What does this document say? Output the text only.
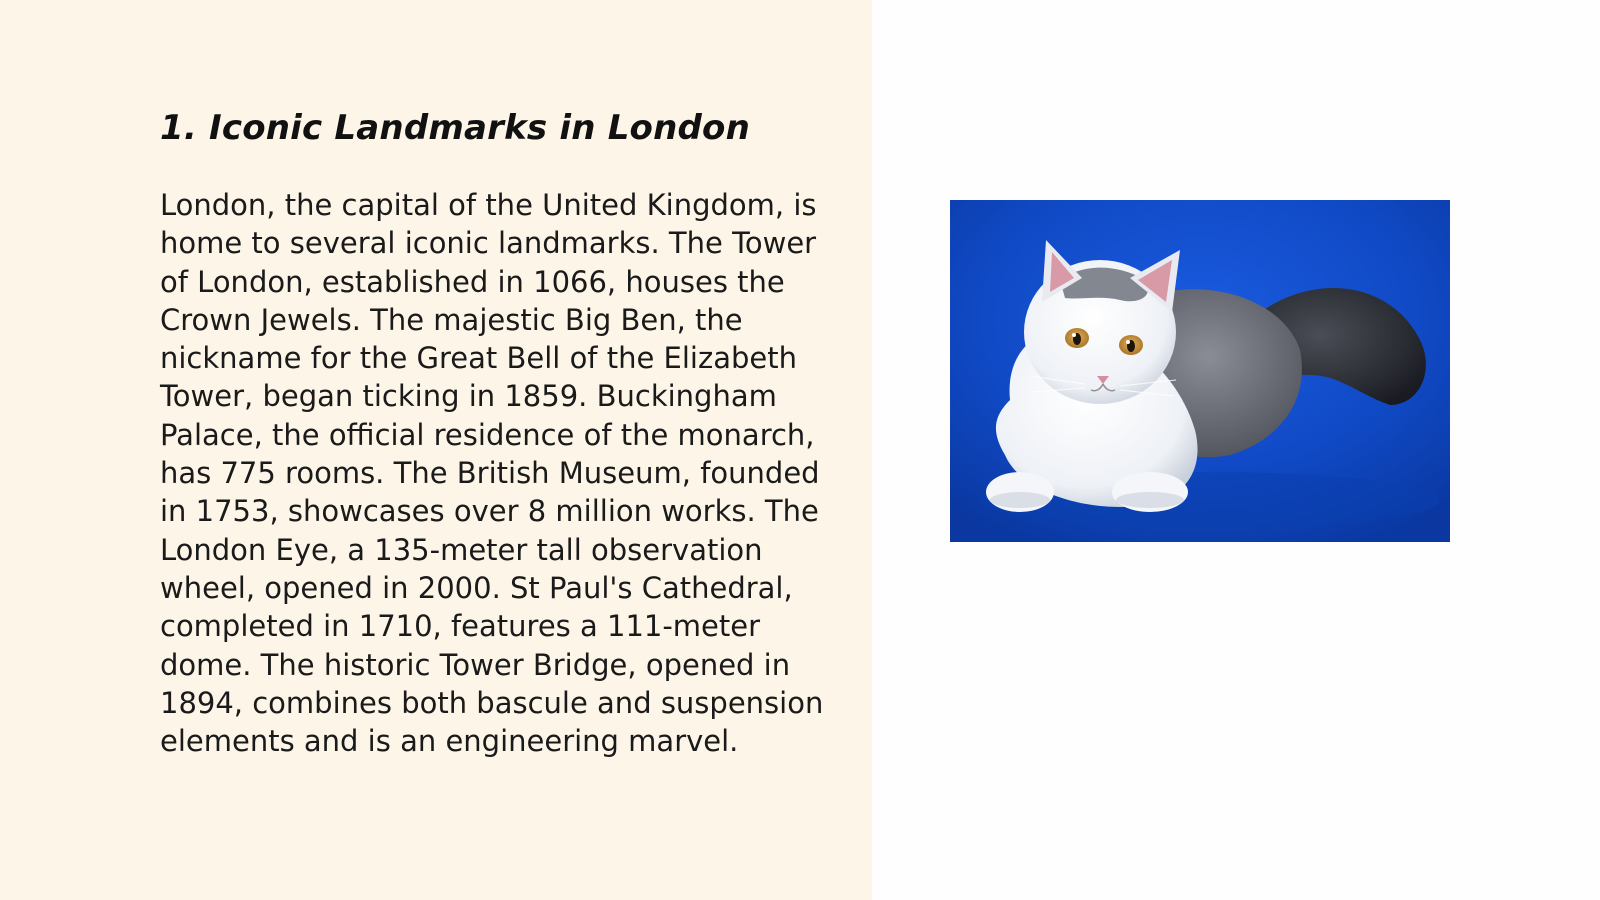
1. Iconic Landmarks in London

London, the capital of the United Kingdom, is home to several iconic landmarks. The Tower of London, established in 1066, houses the Crown Jewels. The majestic Big Ben, the nickname for the Great Bell of the Elizabeth Tower, began ticking in 1859. Buckingham Palace, the official residence of the monarch, has 775 rooms. The British Museum, founded in 1753, showcases over 8 million works. The London Eye, a 135-meter tall observation wheel, opened in 2000. St Paul's Cathedral, completed in 1710, features a 111-meter dome. The historic Tower Bridge, opened in 1894, combines both bascule and suspension elements and is an engineering marvel.
